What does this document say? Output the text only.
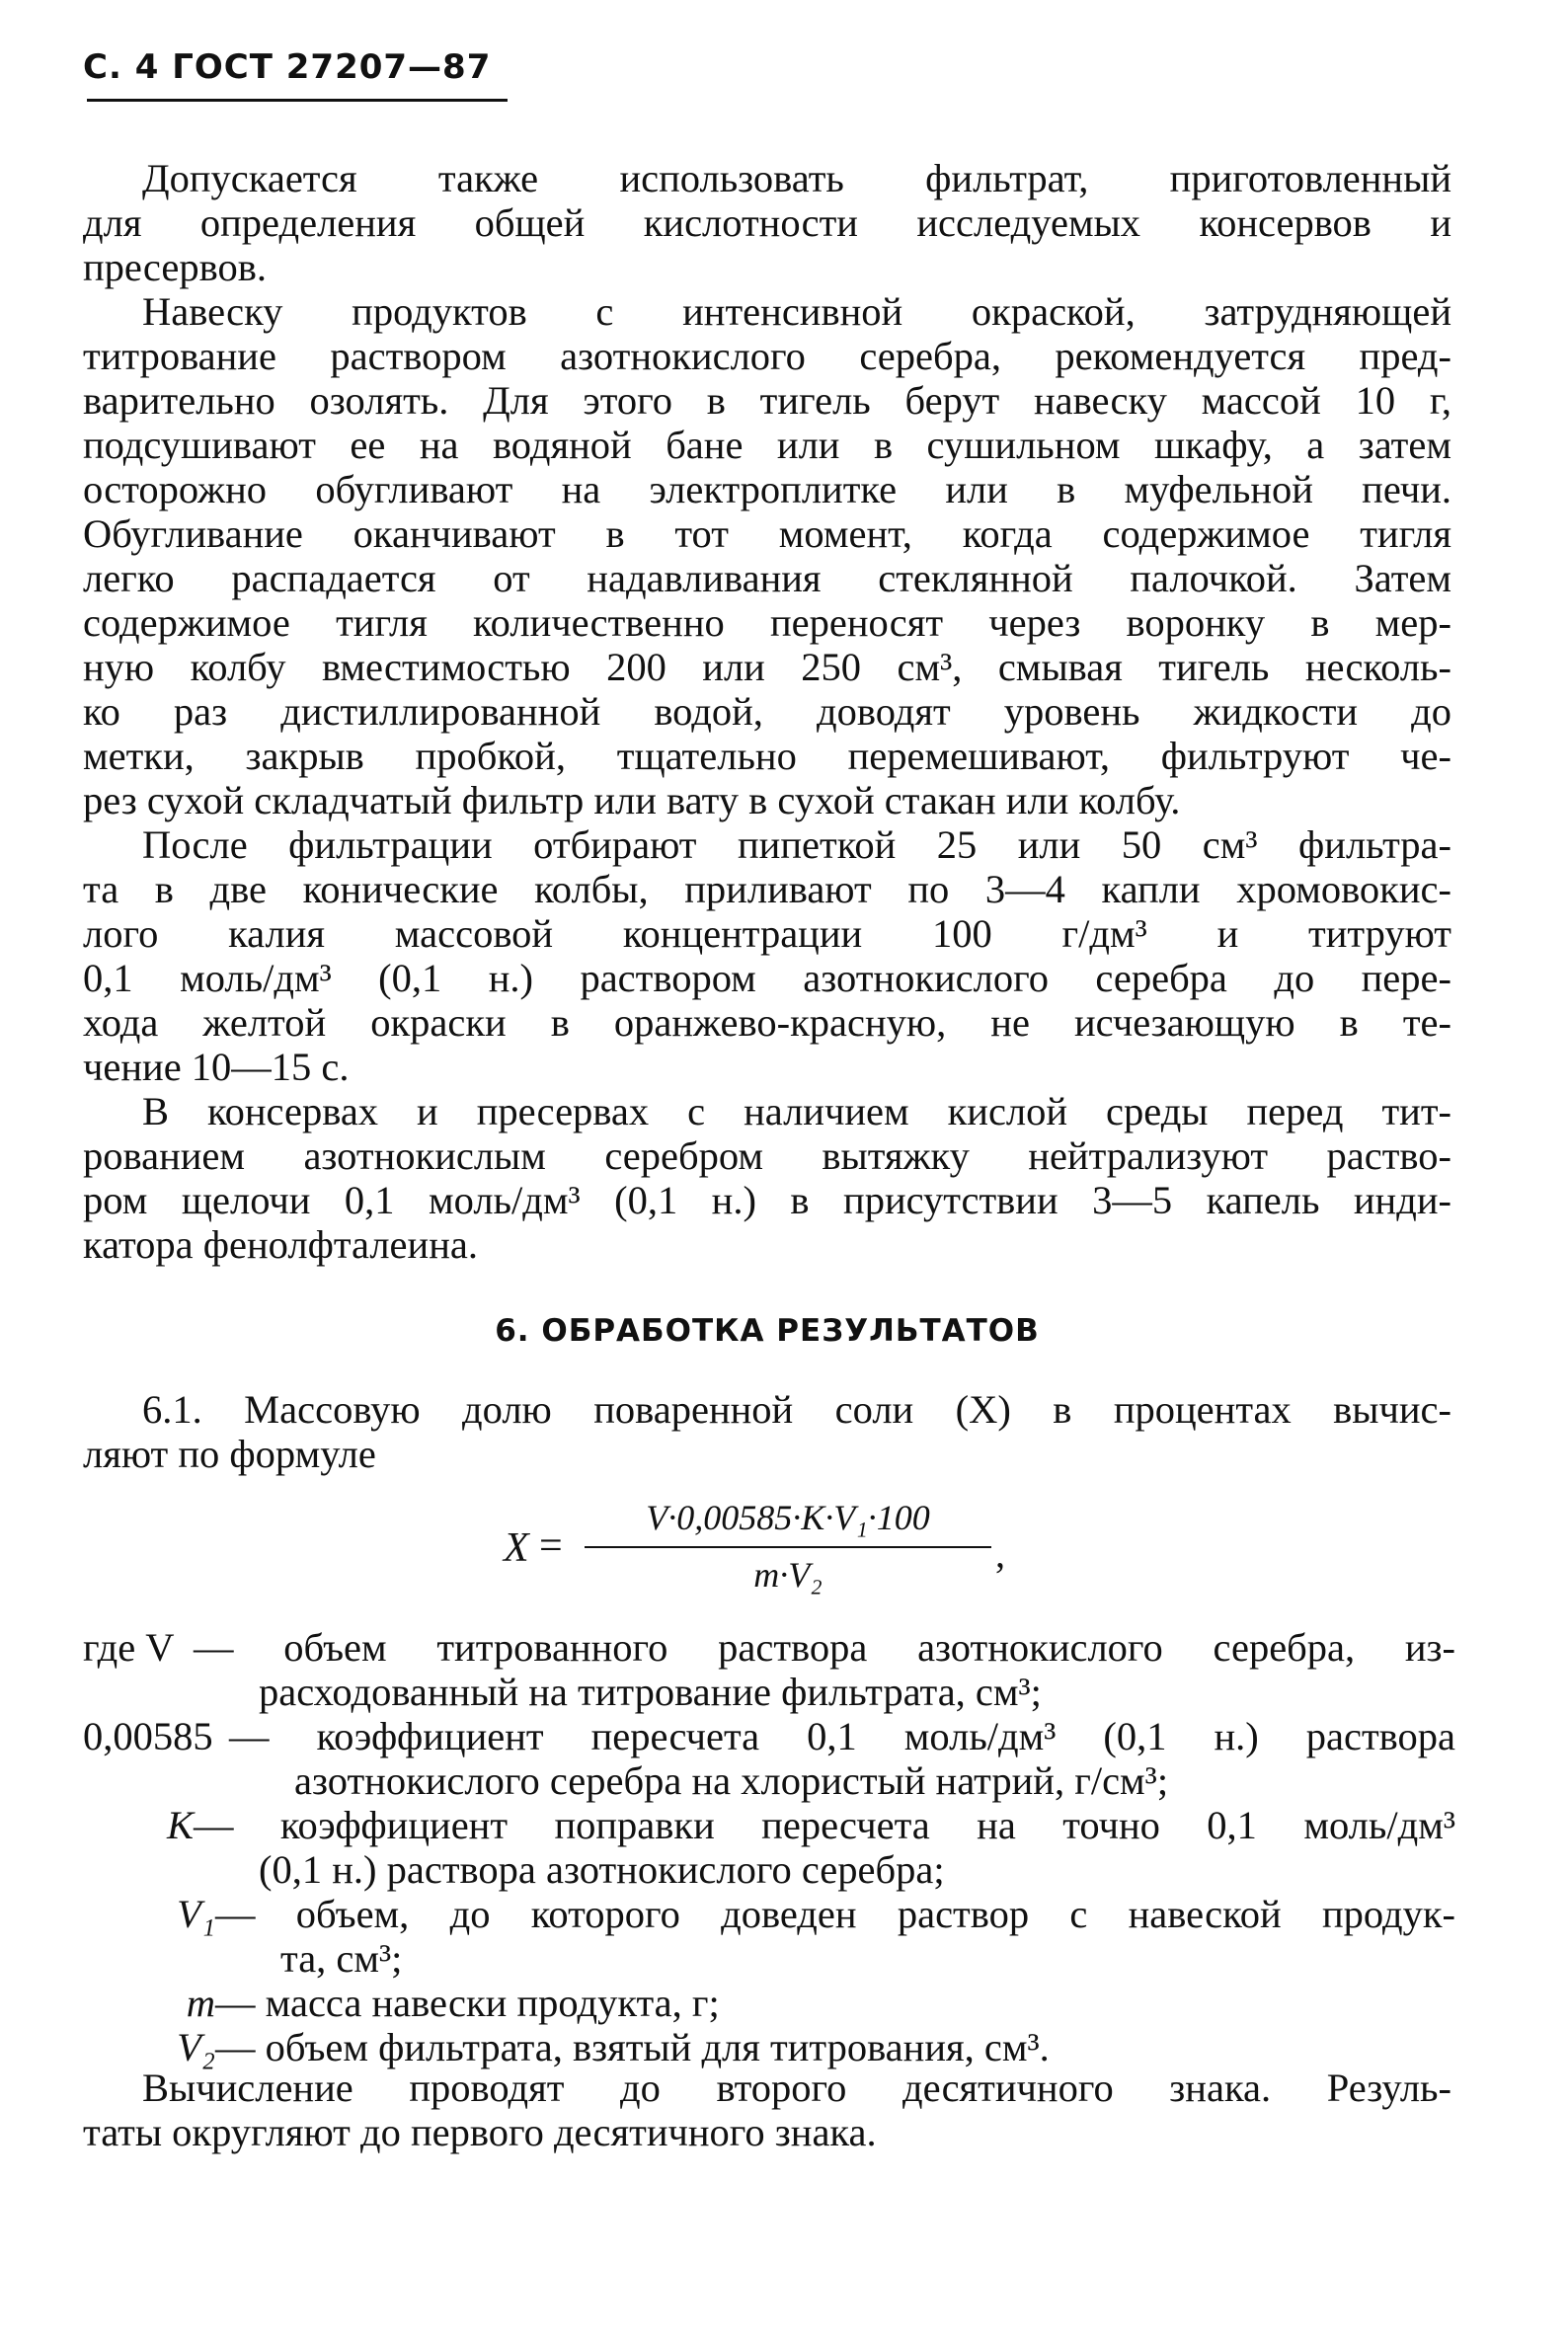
С. 4 ГОСТ 27207—87

Допускается также использовать фильтрат, приготовленный
для определения общей кислотности исследуемых консервов и
пресервов.

Навеску продуктов с интенсивной окраской, затрудняющей
титрование раствором азотнокислого серебра, рекомендуется пред-
варительно озолять. Для этого в тигель берут навеску массой 10 г,
подсушивают ее на водяной бане или в сушильном шкафу, а затем
осторожно обугливают на электроплитке или в муфельной печи.
Обугливание оканчивают в тот момент, когда содержимое тигля
легко распадается от надавливания стеклянной палочкой. Затем
содержимое тигля количественно переносят через воронку в мер-
ную колбу вместимостью 200 или 250 см³, смывая тигель несколь-
ко раз дистиллированной водой, доводят уровень жидкости до
метки, закрыв пробкой, тщательно перемешивают, фильтруют че-
рез сухой складчатый фильтр или вату в сухой стакан или колбу.

После фильтрации отбирают пипеткой 25 или 50 см³ фильтра-
та в две конические колбы, приливают по 3—4 капли хромовокис-
лого калия массовой концентрации 100 г/дм³ и титруют
0,1 моль/дм³ (0,1 н.) раствором азотнокислого серебра до пере-
хода желтой окраски в оранжево-красную, не исчезающую в те-
чение 10—15 с.

В консервах и пресервах с наличием кислой среды перед тит-
рованием азотнокислым серебром вытяжку нейтрализуют раство-
ром щелочи 0,1 моль/дм³ (0,1 н.) в присутствии 3—5 капель инди-
катора фенолфталеина.

6. ОБРАБОТКА РЕЗУЛЬТАТОВ

6.1. Массовую долю поваренной соли (X) в процентах вычис-
ляют по формуле

X =
V·0,00585·K·V₁·100
m·V₂	,
где V — объем титрованного раствора азотнокислого серебра, из-
расходованный на титрование фильтрата, см³;
0,00585 — коэффициент пересчета 0,1 моль/дм³ (0,1 н.) раствора
азотнокислого серебра на хлористый натрий, г/см³;
K — коэффициент поправки пересчета на точно 0,1 моль/дм³
(0,1 н.) раствора азотнокислого серебра;
V₁ — объем, до которого доведен раствор с навеской продук-
та, см³;
m — масса навески продукта, г;
V₂ — объем фильтрата, взятый для титрования, см³.

Вычисление проводят до второго десятичного знака. Резуль-
таты округляют до первого десятичного знака.
